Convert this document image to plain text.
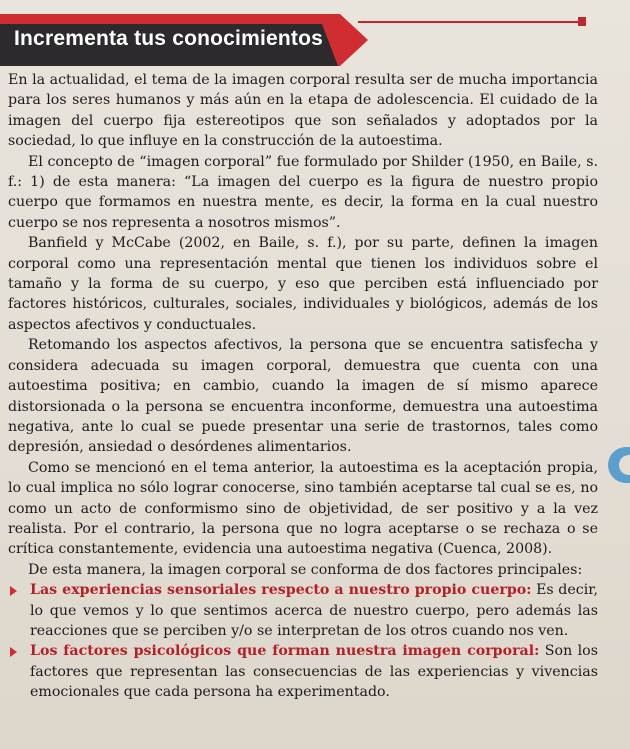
Incrementa tus conocimientos

En la actualidad, el tema de la imagen corporal resulta ser de mucha importancia para los seres humanos y más aún en la etapa de adolescencia. El cuidado de la imagen del cuerpo fija estereotipos que son señalados y adoptados por la sociedad, lo que influye en la construcción de la autoestima.

El concepto de “imagen corporal” fue formulado por Shilder (1950, en Baile, s. f.: 1) de esta manera: “La imagen del cuerpo es la figura de nuestro propio cuerpo que formamos en nuestra mente, es decir, la forma en la cual nuestro cuerpo se nos representa a nosotros mismos”.

Banfield y McCabe (2002, en Baile, s. f.), por su parte, definen la imagen corporal como una representación mental que tienen los individuos sobre el tamaño y la forma de su cuerpo, y eso que perciben está influenciado por factores históricos, culturales, sociales, individuales y biológicos, además de los aspectos afectivos y conductuales.

Retomando los aspectos afectivos, la persona que se encuentra satisfecha y considera adecuada su imagen corporal, demuestra que cuenta con una autoestima positiva; en cambio, cuando la imagen de sí mismo aparece distorsionada o la persona se encuentra inconforme, demuestra una autoestima negativa, ante lo cual se puede presentar una serie de trastornos, tales como depresión, ansiedad o desórdenes alimentarios.

Como se mencionó en el tema anterior, la autoestima es la aceptación propia, lo cual implica no sólo lograr conocerse, sino también aceptarse tal cual se es, no como un acto de conformismo sino de objetividad, de ser positivo y a la vez realista. Por el contrario, la persona que no logra aceptarse o se rechaza o se crítica constantemente, evidencia una autoestima negativa (Cuenca, 2008).

De esta manera, la imagen corporal se conforma de dos factores principales:

Las experiencias sensoriales respecto a nuestro propio cuerpo: Es decir, lo que vemos y lo que sentimos acerca de nuestro cuerpo, pero además las reacciones que se perciben y/o se interpretan de los otros cuando nos ven.
Los factores psicológicos que forman nuestra imagen corporal: Son los factores que representan las consecuencias de las experiencias y vivencias emocionales que cada persona ha experimentado.
